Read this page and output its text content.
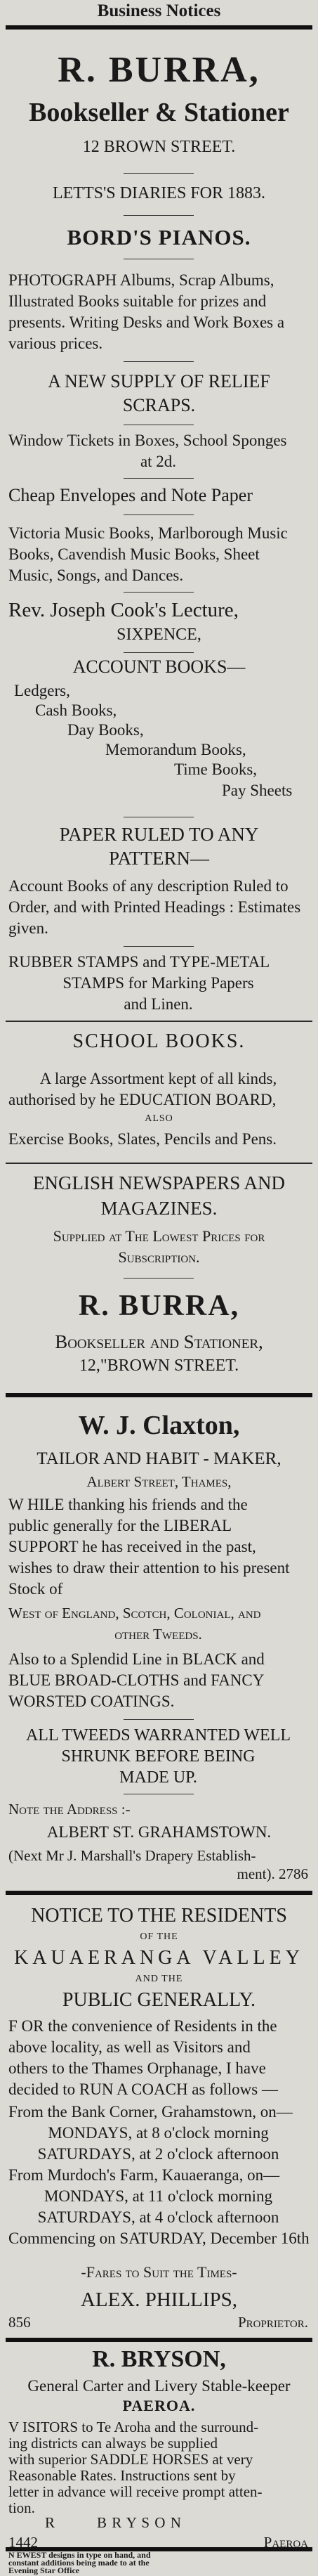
Business Notices
R. BURRA,
Bookseller & Stationer
12 BROWN STREET.
LETTS'S DIARIES FOR 1883.
BORD'S PIANOS.
PHOTOGRAPH Albums, Scrap Albums,
Illustrated Books suitable for prizes and
presents. Writing Desks and Work Boxes a
various prices.
A NEW SUPPLY OF RELIEF
SCRAPS.
Window Tickets in Boxes, School Sponges
at 2d.
Cheap Envelopes and Note Paper
Victoria Music Books, Marlborough Music
Books, Cavendish Music Books, Sheet
Music, Songs, and Dances.
Rev. Joseph Cook's Lecture,
SIXPENCE,
ACCOUNT BOOKS—
Ledgers,
Cash Books,
Day Books,
Memorandum Books,
Time Books,
Pay Sheets
PAPER RULED TO ANY
PATTERN—
Account Books of any description Ruled to
Order, and with Printed Headings : Estimates
given.
RUBBER STAMPS and TYPE-METAL
STAMPS for Marking Papers
and Linen.
SCHOOL BOOKS.
A large Assortment kept of all kinds,
authorised by he EDUCATION BOARD,
ALSO
Exercise Books, Slates, Pencils and Pens.
ENGLISH NEWSPAPERS AND
MAGAZINES.
Supplied at The Lowest Prices for
Subscription.
R. BURRA,
Bookseller and Stationer,
12,"BROWN STREET.
W. J. Claxton,
TAILOR AND HABIT - MAKER,
Albert Street, Thames,
W HILE thanking his friends and the
public generally for the LIBERAL
SUPPORT he has received in the past,
wishes to draw their attention to his present
Stock of
West of England, Scotch, Colonial, and
other Tweeds.
Also to a Splendid Line in BLACK and
BLUE BROAD-CLOTHS and FANCY
WORSTED COATINGS.
ALL TWEEDS WARRANTED WELL
SHRUNK BEFORE BEING
MADE UP.
Note the Address :-
ALBERT ST. GRAHAMSTOWN.
(Next Mr J. Marshall's Drapery Establish-
ment). 2786
NOTICE TO THE RESIDENTS
OF THE
KAUAERANGA VALLEY
AND THE
PUBLIC GENERALLY.
F OR the convenience of Residents in the
above locality, as well as Visitors and
others to the Thames Orphanage, I have
decided to RUN A COACH as follows —
From the Bank Corner, Grahamstown, on—
MONDAYS, at 8 o'clock morning
SATURDAYS, at 2 o'clock afternoon
From Murdoch's Farm, Kauaeranga, on—
MONDAYS, at 11 o'clock morning
SATURDAYS, at 4 o'clock afternoon
Commencing on SATURDAY, December 16th
-Fares to Suit the Times-
ALEX. PHILLIPS,
856	Proprietor.
R. BRYSON,
General Carter and Livery Stable-keeper
PAEROA.
V ISITORS to Te Aroha and the surround-
ing districts can always be supplied
with superior SADDLE HORSES at very
Reasonable Rates. Instructions sent by
letter in advance will receive prompt atten-
tion.
R	B R Y S O N
1442	Paeroa
N EWEST designs in type on hand, and
constant additions being made to at the
Evening Star Office
